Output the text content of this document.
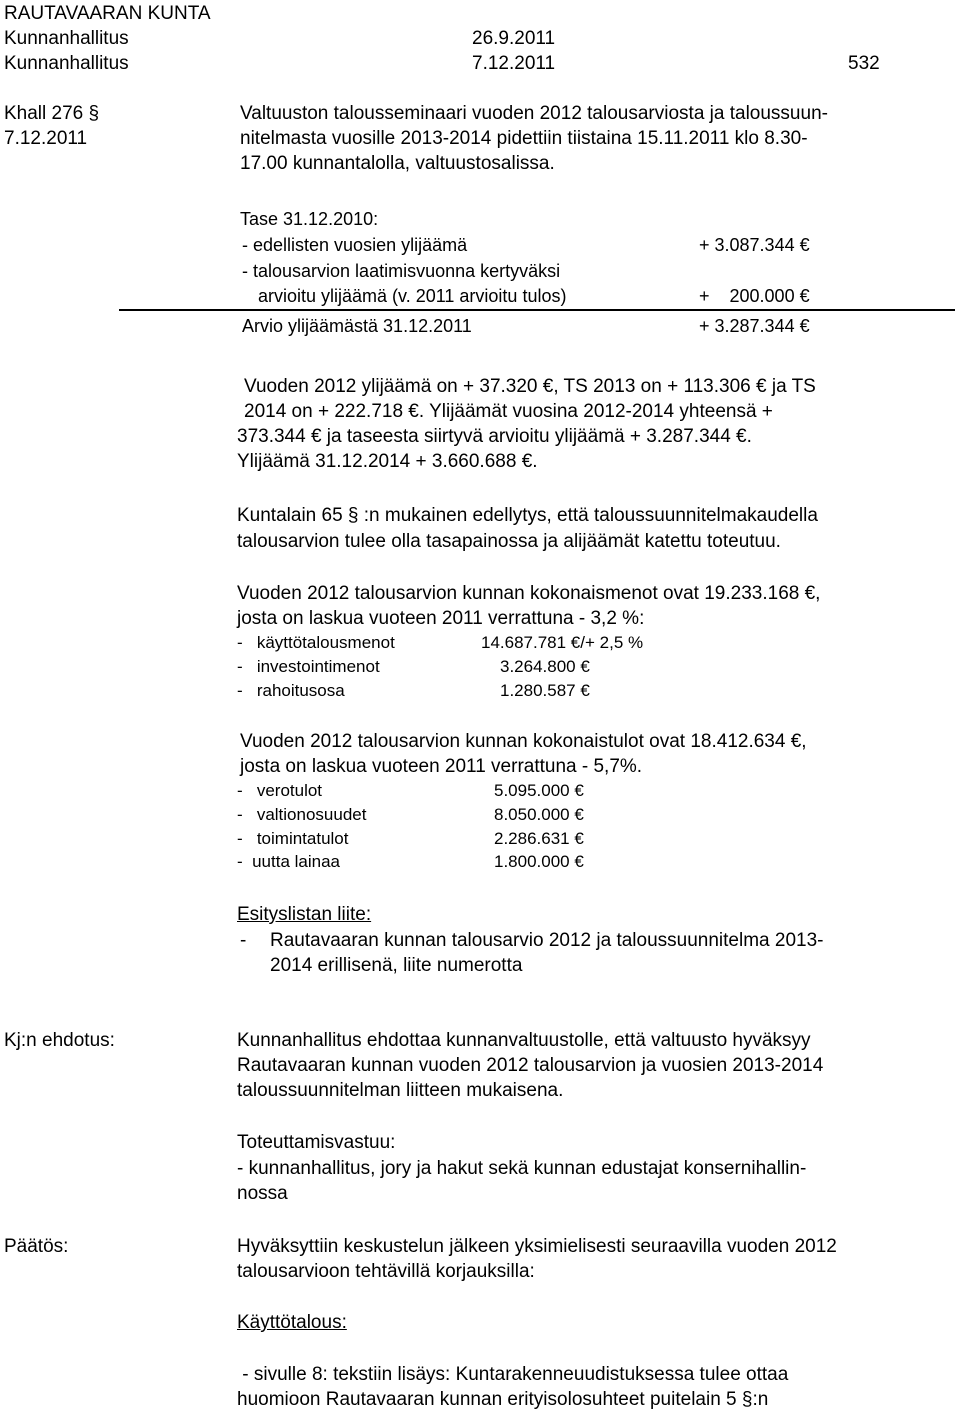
RAUTAVAARAN KUNTA

Kunnanhallitus	26.9.2011

Kunnanhallitus	7.12.2011	532

Khall 276 §

7.12.2011

Valtuuston talousseminaari vuoden 2012 talousarviosta ja taloussuun-

nitelmasta vuosille 2013-2014 pidettiin tiistaina 15.11.2011 klo 8.30-

17.00 kunnantalolla, valtuustosalissa.

Tase 31.12.2010:

- edellisten vuosien ylijäämä	+ 3.087.344 €

- talousarvion laatimisvuonna kertyväksi

arvioitu ylijäämä (v. 2011 arvioitu tulos)	+    200.000 €

Arvio ylijäämästä 31.12.2011	+ 3.287.344 €

Vuoden 2012 ylijäämä on + 37.320 €, TS 2013 on + 113.306 € ja TS

2014 on + 222.718 €. Ylijäämät vuosina 2012-2014 yhteensä +

373.344 € ja taseesta siirtyvä arvioitu ylijäämä + 3.287.344 €.

Ylijäämä 31.12.2014 + 3.660.688 €.

Kuntalain 65 § :n mukainen edellytys, että taloussuunnitelmakaudella

talousarvion tulee olla tasapainossa ja alijäämät katettu toteutuu.

Vuoden 2012 talousarvion kunnan kokonaismenot ovat 19.233.168 €,

josta on laskua vuoteen 2011 verrattuna - 3,2 %:

-   käyttötalousmenot	14.687.781 €/+ 2,5 %

-   investointimenot	3.264.800 €

-   rahoitusosa	1.280.587 €

Vuoden 2012 talousarvion kunnan kokonaistulot ovat 18.412.634 €,

josta on laskua vuoteen 2011 verrattuna - 5,7%.

-   verotulot	5.095.000 €

-   valtionosuudet	8.050.000 €

-   toimintatulot	2.286.631 €

-  uutta lainaa	1.800.000 €

Esityslistan liite:

- Rautavaaran kunnan talousarvio 2012 ja taloussuunnitelma 2013-

2014 erillisenä, liite numerotta

Kj:n ehdotus:	Kunnanhallitus ehdottaa kunnanvaltuustolle, että valtuusto hyväksyy

Rautavaaran kunnan vuoden 2012 talousarvion ja vuosien 2013-2014

taloussuunnitelman liitteen mukaisena.

Toteuttamisvastuu:

- kunnanhallitus, jory ja hakut sekä kunnan edustajat konsernihallin-

nossa

Päätös:	Hyväksyttiin keskustelun jälkeen yksimielisesti seuraavilla vuoden 2012

talousarvioon tehtävillä korjauksilla:

Käyttötalous:

- sivulle 8: tekstiin lisäys: Kuntarakenneuudistuksessa tulee ottaa

huomioon Rautavaaran kunnan erityisolosuhteet puitelain 5 §:n
